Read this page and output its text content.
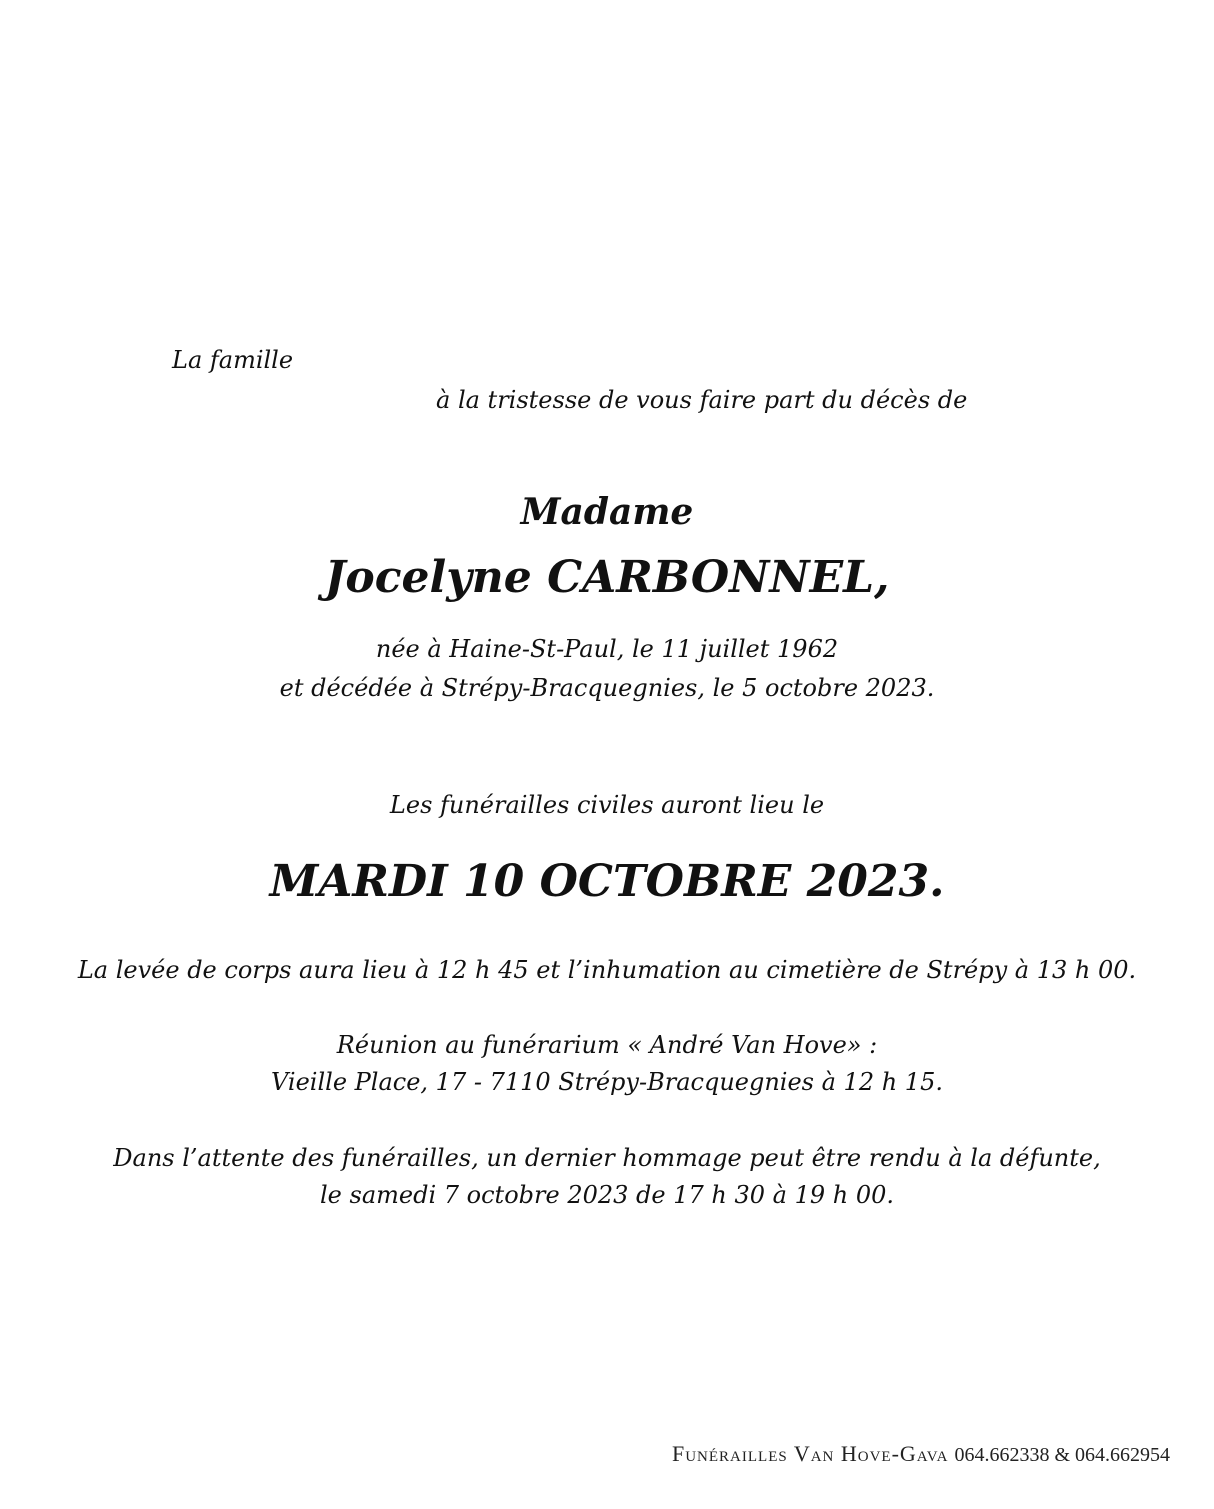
La famille
à la tristesse de vous faire part du décès de
Madame
Jocelyne CARBONNEL,
née à Haine-St-Paul, le 11 juillet 1962
et décédée à Strépy-Bracquegnies, le 5 octobre 2023.
Les funérailles civiles auront lieu le
MARDI 10 OCTOBRE 2023.
La levée de corps aura lieu à 12 h 45 et l’inhumation au cimetière de Strépy à 13 h 00.
Réunion au funérarium « André Van Hove» :
Vieille Place, 17 - 7110 Strépy-Bracquegnies à 12 h 15.
Dans l’attente des funérailles, un dernier hommage peut être rendu à la défunte,
le samedi 7 octobre 2023 de 17 h 30 à 19 h 00.
Funérailles Van Hove-Gava 064.662338 & 064.662954
